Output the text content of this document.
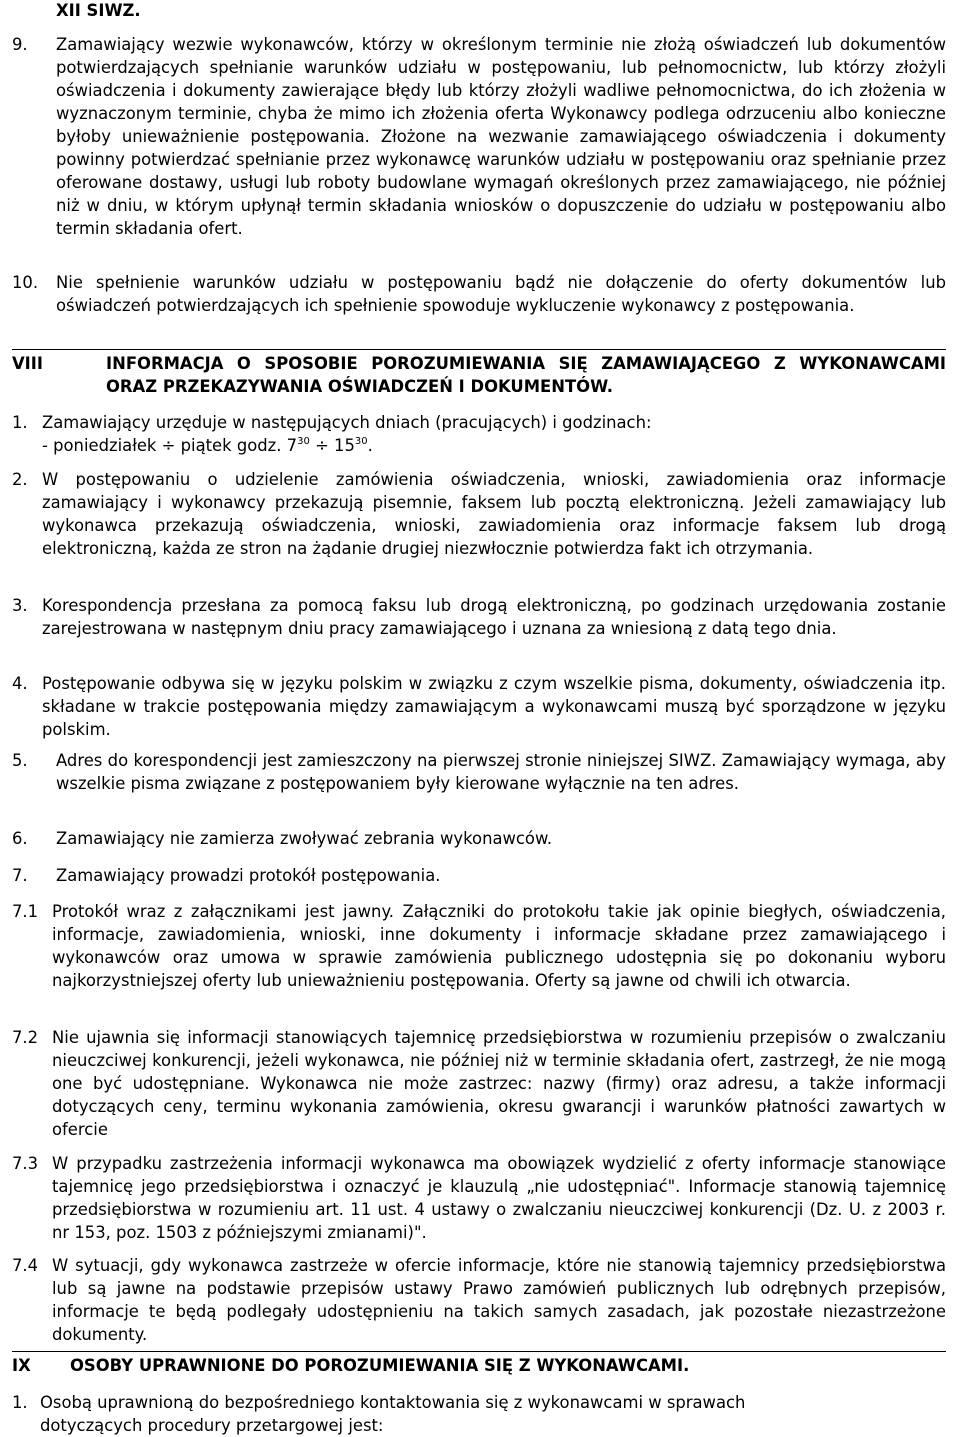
XII SIWZ.
9.	Zamawiający wezwie wykonawców, którzy w określonym terminie nie złożą oświadczeń lub dokumentów potwierdzających spełnianie warunków udziału w postępowaniu, lub pełnomocnictw, lub którzy złożyli oświadczenia i dokumenty zawierające błędy lub którzy złożyli wadliwe pełnomocnictwa, do ich złożenia w wyznaczonym terminie, chyba że mimo ich złożenia oferta Wykonawcy podlega odrzuceniu albo konieczne byłoby unieważnienie postępowania. Złożone na wezwanie zamawiającego oświadczenia i dokumenty powinny potwierdzać spełnianie przez wykonawcę warunków udziału w postępowaniu oraz spełnianie przez oferowane dostawy, usługi lub roboty budowlane wymagań określonych przez zamawiającego, nie później niż w dniu, w którym upłynął termin składania wniosków o dopuszczenie do udziału w postępowaniu albo termin składania ofert.
10.	Nie spełnienie warunków udziału w postępowaniu bądź nie dołączenie do oferty dokumentów lub oświadczeń potwierdzających ich spełnienie spowoduje wykluczenie wykonawcy z postępowania.
VIII	INFORMACJA O SPOSOBIE POROZUMIEWANIA SIĘ ZAMAWIAJĄCEGO Z WYKONAWCAMI ORAZ PRZEKAZYWANIA OŚWIADCZEŃ I DOKUMENTÓW.
1. Zamawiający urzęduje w następujących dniach (pracujących) i godzinach:
- poniedziałek ÷ piątek godz. $7^{30} \div 15^{30}$.
2. W postępowaniu o udzielenie zamówienia oświadczenia, wnioski, zawiadomienia oraz informacje zamawiający i wykonawcy przekazują pisemnie, faksem lub pocztą elektroniczną. Jeżeli zamawiający lub wykonawca przekazują oświadczenia, wnioski, zawiadomienia oraz informacje faksem lub drogą elektroniczną, każda ze stron na żądanie drugiej niezwłocznie potwierdza fakt ich otrzymania.
3. Korespondencja przesłana za pomocą faksu lub drogą elektroniczną, po godzinach urzędowania zostanie zarejestrowana w następnym dniu pracy zamawiającego i uznana za wniesioną z datą tego dnia.
4. Postępowanie odbywa się w języku polskim w związku z czym wszelkie pisma, dokumenty, oświadczenia itp. składane w trakcie postępowania między zamawiającym a wykonawcami muszą być sporządzone w języku polskim.
5.	Adres do korespondencji jest zamieszczony na pierwszej stronie niniejszej SIWZ. Zamawiający wymaga, aby wszelkie pisma związane z postępowaniem były kierowane wyłącznie na ten adres.
6.	Zamawiający nie zamierza zwoływać zebrania wykonawców.
7.	Zamawiający prowadzi protokół postępowania.
7.1 Protokół wraz z załącznikami jest jawny. Załączniki do protokołu takie jak opinie biegłych, oświadczenia, informacje, zawiadomienia, wnioski, inne dokumenty i informacje składane przez zamawiającego i wykonawców oraz umowa w sprawie zamówienia publicznego udostępnia się po dokonaniu wyboru najkorzystniejszej oferty lub unieważnieniu postępowania. Oferty są jawne od chwili ich otwarcia.
7.2 Nie ujawnia się informacji stanowiących tajemnicę przedsiębiorstwa w rozumieniu przepisów o zwalczaniu nieuczciwej konkurencji, jeżeli wykonawca, nie później niż w terminie składania ofert, zastrzegł, że nie mogą one być udostępniane. Wykonawca nie może zastrzec: nazwy (firmy) oraz adresu, a także informacji dotyczących ceny, terminu wykonania zamówienia, okresu gwarancji i warunków płatności zawartych w ofercie
7.3 W przypadku zastrzeżenia informacji wykonawca ma obowiązek wydzielić z oferty informacje stanowiące tajemnicę jego przedsiębiorstwa i oznaczyć je klauzulą „nie udostępniać". Informacje stanowią tajemnicę przedsiębiorstwa w rozumieniu art. 11 ust. 4 ustawy o zwalczaniu nieuczciwej konkurencji (Dz. U. z 2003 r. nr 153, poz. 1503 z późniejszymi zmianami)".
7.4 W sytuacji, gdy wykonawca zastrzeże w ofercie informacje, które nie stanowią tajemnicy przedsiębiorstwa lub są jawne na podstawie przepisów ustawy Prawo zamówień publicznych lub odrębnych przepisów, informacje te będą podlegały udostępnieniu na takich samych zasadach, jak pozostałe niezastrzeżone dokumenty.
IX	OSOBY UPRAWNIONE DO POROZUMIEWANIA SIĘ Z WYKONAWCAMI.
1. Osobą uprawnioną do bezpośredniego kontaktowania się z wykonawcami w sprawach dotyczących procedury przetargowej jest:
